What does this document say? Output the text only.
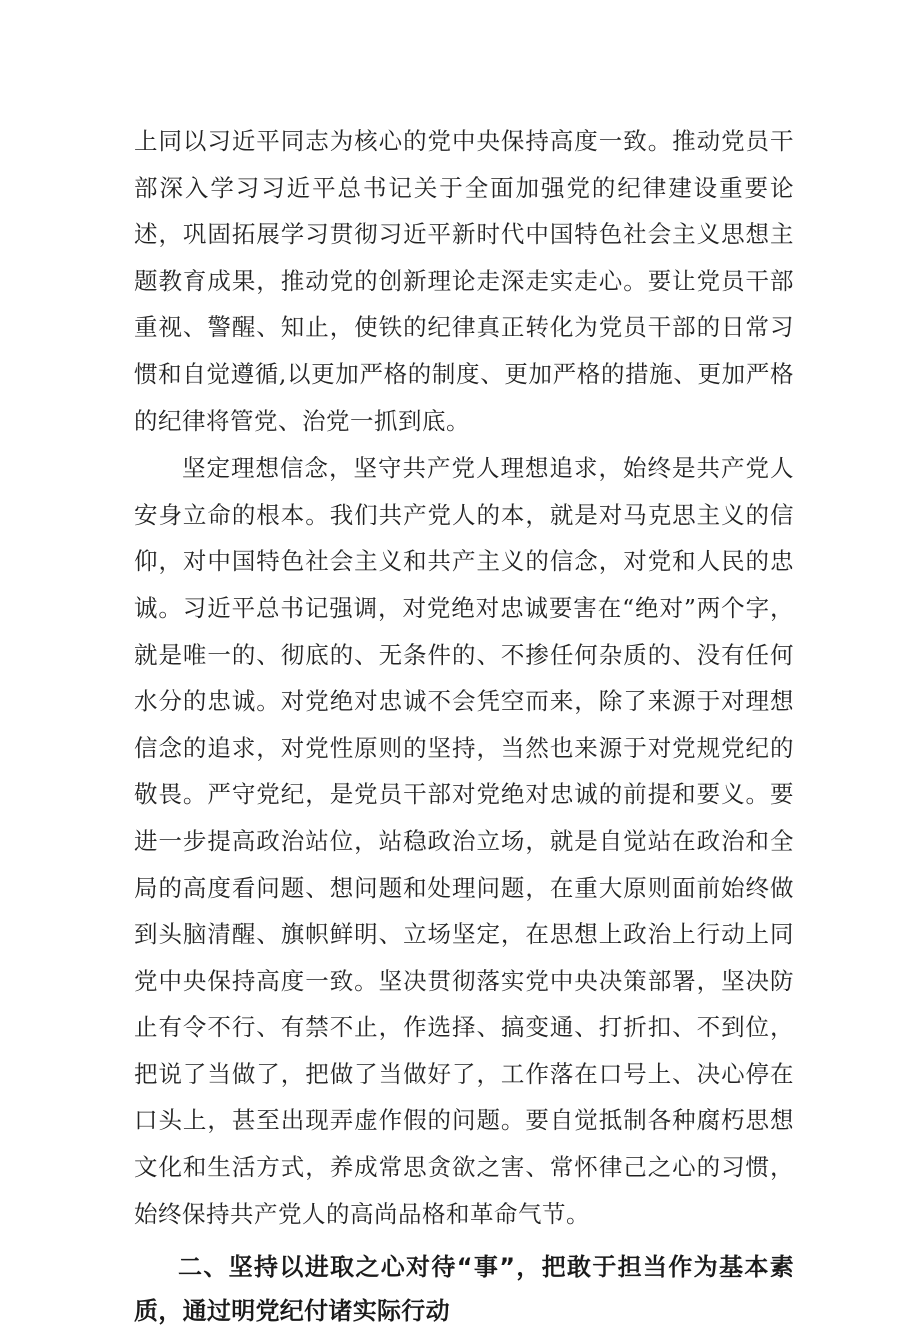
上同以习近平同志为核心的党中央保持高度一致。推动党员干部深入学习习近平总书记关于全面加强党的纪律建设重要论述，巩固拓展学习贯彻习近平新时代中国特色社会主义思想主题教育成果，推动党的创新理论走深走实走心。要让党员干部重视、警醒、知止，使铁的纪律真正转化为党员干部的日常习惯和自觉遵循,以更加严格的制度、更加严格的措施、更加严格的纪律将管党、治党一抓到底。

坚定理想信念，坚守共产党人理想追求，始终是共产党人安身立命的根本。我们共产党人的本，就是对马克思主义的信仰，对中国特色社会主义和共产主义的信念，对党和人民的忠诚。习近平总书记强调，对党绝对忠诚要害在“绝对”两个字，就是唯一的、彻底的、无条件的、不掺任何杂质的、没有任何水分的忠诚。对党绝对忠诚不会凭空而来，除了来源于对理想信念的追求，对党性原则的坚持，当然也来源于对党规党纪的敬畏。严守党纪，是党员干部对党绝对忠诚的前提和要义。要进一步提高政治站位，站稳政治立场，就是自觉站在政治和全局的高度看问题、想问题和处理问题，在重大原则面前始终做到头脑清醒、旗帜鲜明、立场坚定，在思想上政治上行动上同党中央保持高度一致。坚决贯彻落实党中央决策部署，坚决防止有令不行、有禁不止，作选择、搞变通、打折扣、不到位，把说了当做了，把做了当做好了，工作落在口号上、决心停在口头上，甚至出现弄虚作假的问题。要自觉抵制各种腐朽思想文化和生活方式，养成常思贪欲之害、常怀律己之心的习惯，始终保持共产党人的高尚品格和革命气节。

二、坚持以进取之心对待“事”，把敢于担当作为基本素质，通过明党纪付诸实际行动
